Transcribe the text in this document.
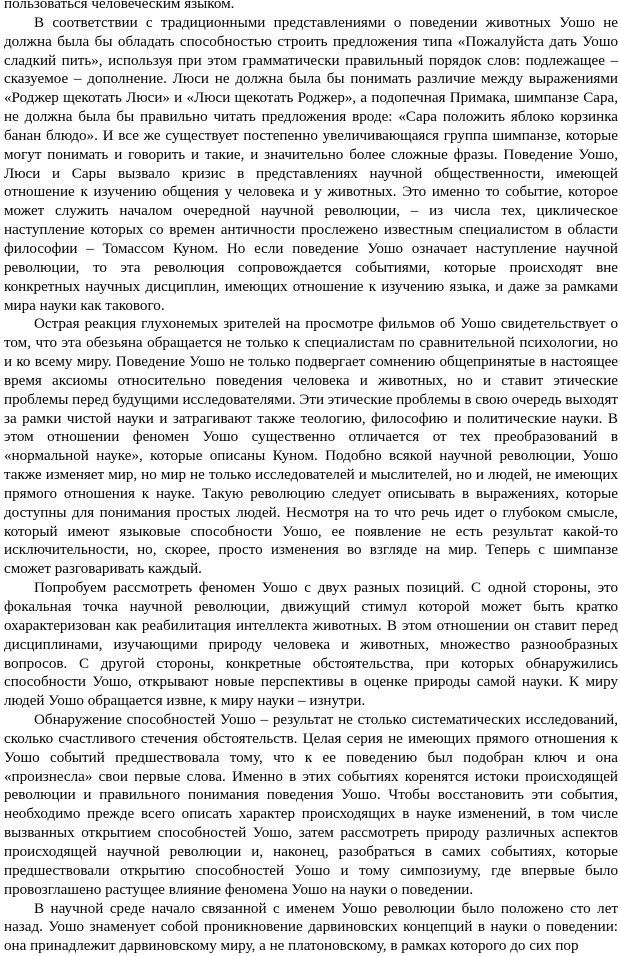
пользоваться человеческим языком.

В соответствии с традиционными представлениями о поведении животных Уошо не должна была бы обладать способностью строить предложения типа «Пожалуйста дать Уошо сладкий пить», используя при этом грамматически правильный порядок слов: подлежащее – сказуемое – дополнение. Люси не должна была бы понимать различие между выражениями «Роджер щекотать Люси» и «Люси щекотать Роджер», а подопечная Примака, шимпанзе Сара, не должна была бы правильно читать предложения вроде: «Сара положить яблоко корзинка банан блюдо». И все же существует постепенно увеличивающаяся группа шимпанзе, которые могут понимать и говорить и такие, и значительно более сложные фразы. Поведение Уошо, Люси и Сары вызвало кризис в представлениях научной общественности, имеющей отношение к изучению общения у человека и у животных. Это именно то событие, которое может служить началом очередной научной революции, – из числа тех, циклическое наступление которых со времен античности прослежено известным специалистом в области философии – Томассом Куном. Но если поведение Уошо означает наступление научной революции, то эта революция сопровождается событиями, которые происходят вне конкретных научных дисциплин, имеющих отношение к изучению языка, и даже за рамками мира науки как такового.

Острая реакция глухонемых зрителей на просмотре фильмов об Уошо свидетельствует о том, что эта обезьяна обращается не только к специалистам по сравнительной психологии, но и ко всему миру. Поведение Уошо не только подвергает сомнению общепринятые в настоящее время аксиомы относительно поведения человека и животных, но и ставит этические проблемы перед будущими исследователями. Эти этические проблемы в свою очередь выходят за рамки чистой науки и затрагивают также теологию, философию и политические науки. В этом отношении феномен Уошо существенно отличается от тех преобразований в «нормальной науке», которые описаны Куном. Подобно всякой научной революции, Уошо также изменяет мир, но мир не только исследователей и мыслителей, но и людей, не имеющих прямого отношения к науке. Такую революцию следует описывать в выражениях, которые доступны для понимания простых людей. Несмотря на то что речь идет о глубоком смысле, который имеют языковые способности Уошо, ее появление не есть результат какой-то исключительности, но, скорее, просто изменения во взгляде на мир. Теперь с шимпанзе сможет разговаривать каждый.

Попробуем рассмотреть феномен Уошо с двух разных позиций. С одной стороны, это фокальная точка научной революции, движущий стимул которой может быть кратко охарактеризован как реабилитация интеллекта животных. В этом отношении он ставит перед дисциплинами, изучающими природу человека и животных, множество разнообразных вопросов. С другой стороны, конкретные обстоятельства, при которых обнаружились способности Уошо, открывают новые перспективы в оценке природы самой науки. К миру людей Уошо обращается извне, к миру науки – изнутри.

Обнаружение способностей Уошо – результат не столько систематических исследований, сколько счастливого стечения обстоятельств. Целая серия не имеющих прямого отношения к Уошо событий предшествовала тому, что к ее поведению был подобран ключ и она «произнесла» свои первые слова. Именно в этих событиях коренятся истоки происходящей революции и правильного понимания поведения Уошо. Чтобы восстановить эти события, необходимо прежде всего описать характер происходящих в науке изменений, в том числе вызванных открытием способностей Уошо, затем рассмотреть природу различных аспектов происходящей научной революции и, наконец, разобраться в самих событиях, которые предшествовали открытию способностей Уошо и тому симпозиуму, где впервые было провозглашено растущее влияние феномена Уошо на науки о поведении.

В научной среде начало связанной с именем Уошо революции было положено сто лет назад. Уошо знаменует собой проникновение дарвиновских концепций в науки о поведении: она принадлежит дарвиновскому миру, а не платоновскому, в рамках которого до сих пор
